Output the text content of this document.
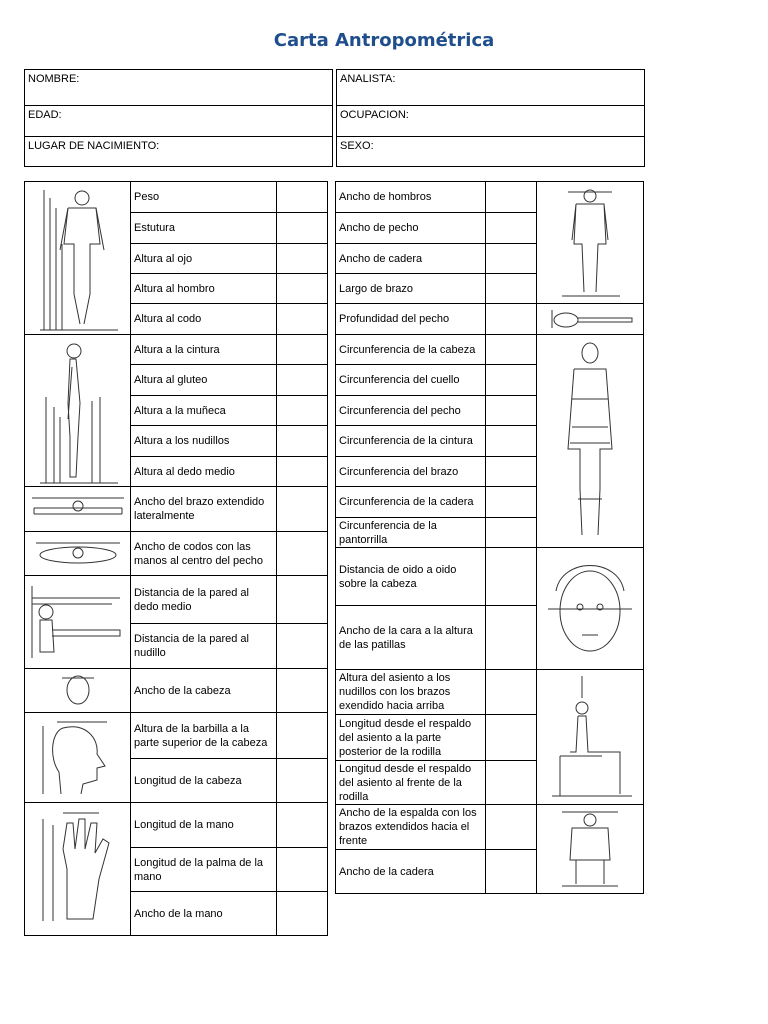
Carta Antropométrica
NOMBRE:		ANALISTA:
EDAD:		OCUPACION:
LUGAR DE NACIMIENTO:		SEXO:
	Peso	
	Estutura	
	Altura al ojo	
	Altura al hombro	
	Altura al codo	

	Altura a la cintura	
	Altura al gluteo	
	Altura a la muñeca	
	Altura a los nudillos	
	Altura al dedo medio	

	Ancho del brazo extendido lateralmente	

	Ancho de codos con las manos al centro del pecho	

	Distancia de la pared al dedo medio	
	Distancia de la pared al nudillo	

	Ancho de la cabeza	

	Altura de la barbilla a la parte superior de la cabeza	
	Longitud de la cabeza	

	Longitud de la mano	
	Longitud de la palma de la mano	
	Ancho de la mano	
Ancho de hombros		

Ancho de pecho		
Ancho de cadera		
Largo de brazo		
Profundidad del pecho		

Circunferencia de la cabeza		

Circunferencia del cuello		
Circunferencia del pecho		
Circunferencia de la cintura		
Circunferencia del brazo		
Circunferencia de la cadera		
Circunferencia de la pantorrilla		
Distancia de oido a oido sobre la cabeza		

Ancho de la cara a la altura de las patillas		
Altura del asiento a los nudillos con los brazos exendido hacia arriba		

Longitud desde el respaldo del asiento a la parte posterior de la rodilla		
Longitud desde el respaldo del asiento al frente de la rodilla		
Ancho de la espalda con los brazos extendidos hacia el frente		

Ancho de la cadera		
